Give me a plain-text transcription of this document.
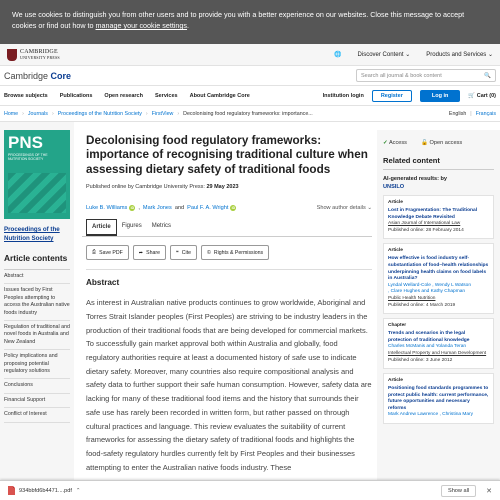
We use cookies to distinguish you from other users and to provide you with a better experience on our websites. Close this message to accept cookies or find out how to manage your cookie settings.
CAMBRIDGE
UNIVERSITY PRESS	🌐	Discover Content ⌄	Products and Services ⌄
Cambridge Core	Search all journal & book content	🔍
Browse subjects Publications Open research Services About Cambridge Core	Institution login	Register	Log in	🛒 Cart (0)
Home › Journals › Proceedings of the Nutrition Society › FirstView › Decolonising food regulatory frameworks: importance...	English | Français
PNS
PROCEEDINGS OF THE NUTRITION SOCIETY
Proceedings of the Nutrition Society
Article contents
Abstract
Issues faced by First Peoples attempting to access the Australian native foods industry
Regulation of traditional and novel foods in Australia and New Zealand
Policy implications and proposing potential regulatory solutions
Conclusions
Financial Support
Conflict of Interest
Decolonising food regulatory frameworks: importance of recognising traditional culture when assessing dietary safety of traditional foods
Published online by Cambridge University Press: 29 May 2023
Luke B. Williams iD , Mark Jones and Paul F. A. Wright iD	Show author details ⌄
Article	Figures	Metrics
⎙ Save PDF	➦ Share	❝ Cite	© Rights & Permissions
Abstract

As interest in Australian native products continues to grow worldwide, Aboriginal and Torres Strait Islander peoples (First Peoples) are striving to be industry leaders in the production of their traditional foods that are being developed for commercial markets. To successfully gain market approval both within Australia and globally, food regulatory authorities require at least a documented history of safe use to indicate dietary safety. Moreover, many countries also require compositional analysis and safety data to further support their safe human consumption. However, safety data are lacking for many of these traditional food items and the history that surrounds their safe use has rarely been recorded in written form, but rather passed on through cultural practices and language. This review evaluates the suitability of current frameworks for assessing the dietary safety of traditional foods and highlights the food-safety regulatory hurdles currently felt by First Peoples and their businesses attempting to enter the Australian native foods industry. These

✓ Access	🔓 Open access
Related content
AI-generated results: by
UNSILO
Article
Lost in Fragmentation: The Traditional Knowledge Debate Revisited
Asian Journal of International Law
Published online: 28 February 2014
Article
How effective is food industry self-substantiation of food–health relationships underpinning health claims on food labels in Australia?
Lyndal Wellard-Cole , Wendy L Watson
, Clare Hughes and Kathy Chapman
Public Health Nutrition
Published online: 4 March 2019
Chapter
Trends and scenarios in the legal protection of traditional knowledge
Charles McManis and Yolanda Teran
Intellectual Property and Human Development
Published online: 3 June 2012
Article
Positioning food standards programmes to protect public health: current performance, future opportunities and necessary reforms
Mark Andrew Lawrence , Christina Mary
934bbfd6b4471....pdf ⌃	Show all	✕
